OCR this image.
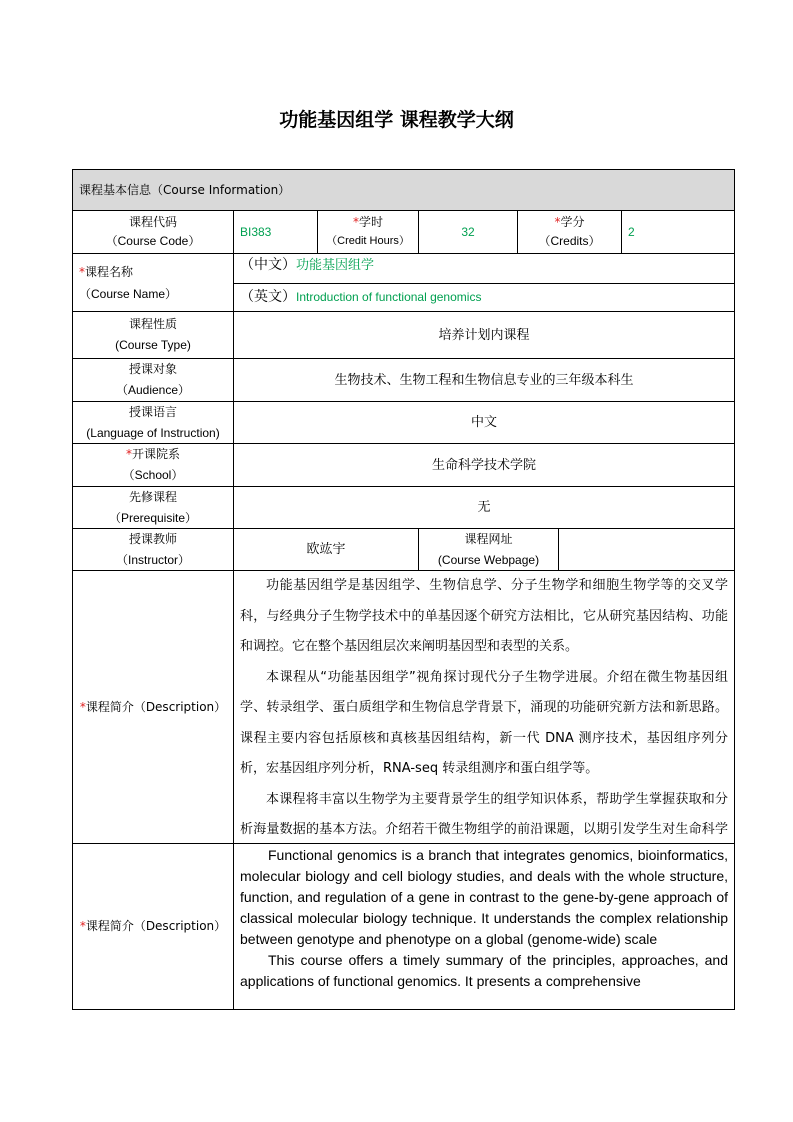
功能基因组学 课程教学大纲
课程基本信息（Course Information）
课程代码
（Course Code）
BI383
*学时
（Credit Hours）
32
*学分
（Credits）
2
*课程名称
（Course Name）
（中文）功能基因组学
（英文）Introduction of functional genomics
课程性质
(Course Type)
培养计划内课程
授课对象
（Audience）
生物技术、生物工程和生物信息专业的三年级本科生
授课语言
(Language of Instruction)
中文
*开课院系
（School）
生命科学技术学院
先修课程
（Prerequisite）
无
授课教师
（Instructor）
欧竑宇
课程网址
(Course Webpage)
*课程简介（Description）

功能基因组学是基因组学、生物信息学、分子生物学和细胞生物学等的交叉学科，与经典分子生物学技术中的单基因逐个研究方法相比，它从研究基因结构、功能和调控。它在整个基因组层次来阐明基因型和表型的关系。

本课程从“功能基因组学”视角探讨现代分子生物学进展。介绍在微生物基因组学、转录组学、蛋白质组学和生物信息学背景下，涌现的功能研究新方法和新思路。课程主要内容包括原核和真核基因组结构，新一代 DNA 测序技术，基因组序列分析，宏基因组序列分析，RNA-seq 转录组测序和蛋白组学等。

本课程将丰富以生物学为主要背景学生的组学知识体系，帮助学生掌握获取和分析海量数据的基本方法。介绍若干微生物组学的前沿课题，以期引发学生对生命科学

*课程简介（Description）

Functional genomics is a branch that integrates genomics, bioinformatics, molecular biology and cell biology studies, and deals with the whole structure, function, and regulation of a gene in contrast to the gene-by-gene approach of classical molecular biology technique. It understands the complex relationship between genotype and phenotype on a global (genome-wide) scale

This course offers a timely summary of the principles, approaches, and applications of functional genomics. It presents a comprehensive
